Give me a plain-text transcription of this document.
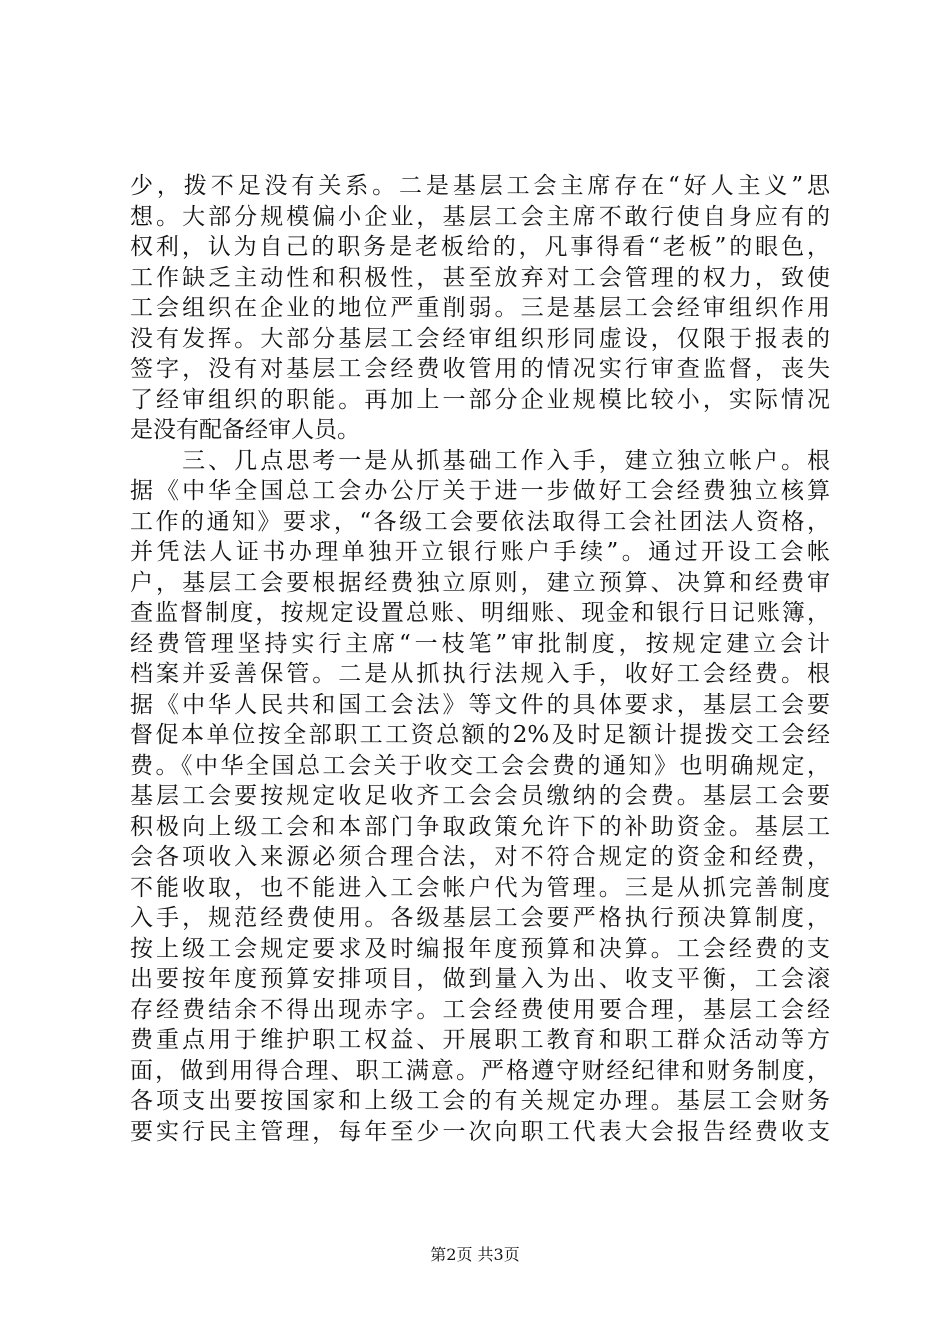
少，拨不足没有关系。二是基层工会主席存在“好人主义”思
想。大部分规模偏小企业，基层工会主席不敢行使自身应有的
权利，认为自己的职务是老板给的，凡事得看“老板”的眼色，
工作缺乏主动性和积极性，甚至放弃对工会管理的权力，致使
工会组织在企业的地位严重削弱。三是基层工会经审组织作用
没有发挥。大部分基层工会经审组织形同虚设，仅限于报表的
签字，没有对基层工会经费收管用的情况实行审查监督，丧失
了经审组织的职能。再加上一部分企业规模比较小，实际情况
是没有配备经审人员。
　　三、几点思考一是从抓基础工作入手，建立独立帐户。根
据《中华全国总工会办公厅关于进一步做好工会经费独立核算
工作的通知》要求，“各级工会要依法取得工会社团法人资格，
并凭法人证书办理单独开立银行账户手续”。通过开设工会帐
户，基层工会要根据经费独立原则，建立预算、决算和经费审
查监督制度，按规定设置总账、明细账、现金和银行日记账簿，
经费管理坚持实行主席“一枝笔”审批制度，按规定建立会计
档案并妥善保管。二是从抓执行法规入手，收好工会经费。根
据《中华人民共和国工会法》等文件的具体要求，基层工会要
督促本单位按全部职工工资总额的2%及时足额计提拨交工会经
费。《中华全国总工会关于收交工会会费的通知》也明确规定，
基层工会要按规定收足收齐工会会员缴纳的会费。基层工会要
积极向上级工会和本部门争取政策允许下的补助资金。基层工
会各项收入来源必须合理合法，对不符合规定的资金和经费，
不能收取，也不能进入工会帐户代为管理。三是从抓完善制度
入手，规范经费使用。各级基层工会要严格执行预决算制度，
按上级工会规定要求及时编报年度预算和决算。工会经费的支
出要按年度预算安排项目，做到量入为出、收支平衡，工会滚
存经费结余不得出现赤字。工会经费使用要合理，基层工会经
费重点用于维护职工权益、开展职工教育和职工群众活动等方
面，做到用得合理、职工满意。严格遵守财经纪律和财务制度，
各项支出要按国家和上级工会的有关规定办理。基层工会财务
要实行民主管理，每年至少一次向职工代表大会报告经费收支
第2页 共3页
